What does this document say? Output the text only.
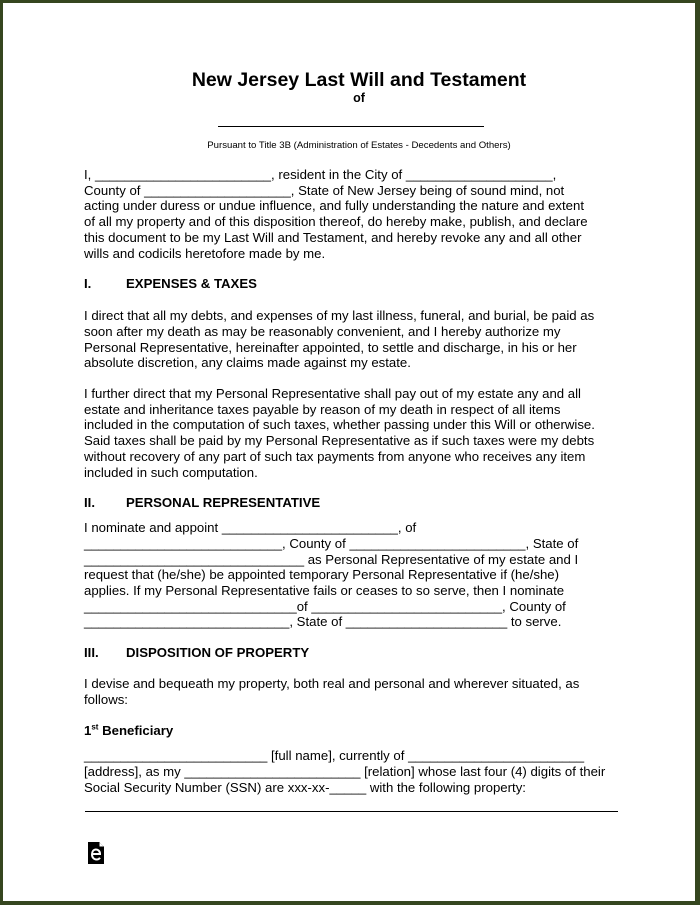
New Jersey Last Will and Testament

of

Pursuant to Title 3B (Administration of Estates - Decedents and Others)

I, ________________________, resident in the City of ____________________,

County of ____________________, State of New Jersey being of sound mind, not

acting under duress or undue influence, and fully understanding the nature and extent

of all my property and of this disposition thereof, do hereby make, publish, and declare

this document to be my Last Will and Testament, and hereby revoke any and all other

wills and codicils heretofore made by me.

I.	EXPENSES & TAXES

I direct that all my debts, and expenses of my last illness, funeral, and burial, be paid as

soon after my death as may be reasonably convenient, and I hereby authorize my

Personal Representative, hereinafter appointed, to settle and discharge, in his or her

absolute discretion, any claims made against my estate.

I further direct that my Personal Representative shall pay out of my estate any and all

estate and inheritance taxes payable by reason of my death in respect of all items

included in the computation of such taxes, whether passing under this Will or otherwise.

Said taxes shall be paid by my Personal Representative as if such taxes were my debts

without recovery of any part of such tax payments from anyone who receives any item

included in such computation.

II. PERSONAL REPRESENTATIVE

I nominate and appoint ________________________, of

___________________________, County of ________________________, State of

______________________________ as Personal Representative of my estate and I

request that (he/she) be appointed temporary Personal Representative if (he/she)

applies. If my Personal Representative fails or ceases to so serve, then I nominate

_____________________________of __________________________, County of

____________________________, State of ______________________ to serve.

III. DISPOSITION OF PROPERTY

I devise and bequeath my property, both real and personal and wherever situated, as

follows:

1st Beneficiary

_________________________ [full name], currently of ________________________

[address], as my ________________________ [relation] whose last four (4) digits of their

Social Security Number (SSN) are xxx-xx-_____ with the following property:
